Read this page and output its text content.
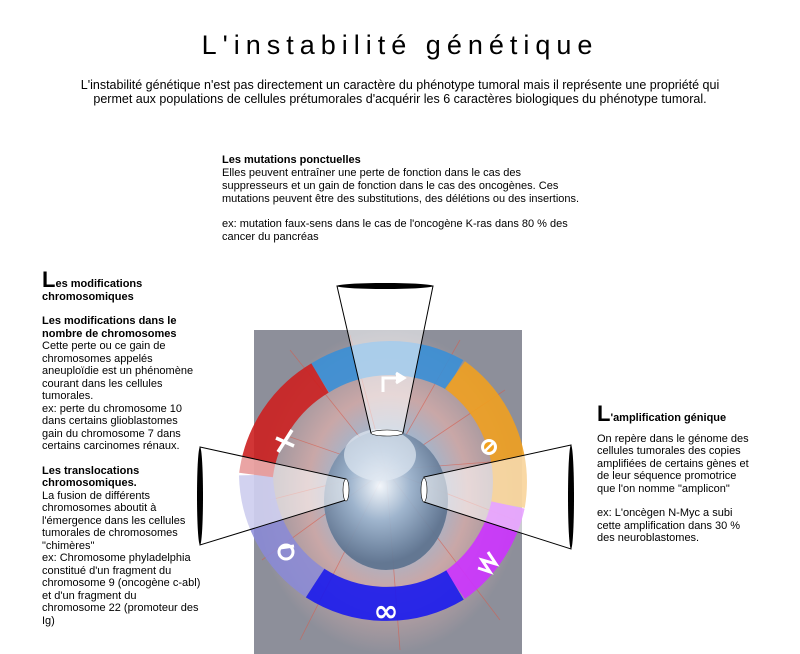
L'instabilité génétique
L'instabilité génétique n'est pas directement un caractère du phénotype tumoral mais il représente une propriété qui permet aux populations de cellules prétumorales d'acquérir les 6 caractères biologiques du phénotype tumoral.
∞
Les mutations ponctuelles
Elles peuvent entraîner une perte de fonction dans le cas des suppresseurs et un gain de fonction dans le cas des oncogènes. Ces mutations peuvent être des substitutions, des délétions ou des insertions.
ex: mutation faux-sens dans le cas de l'oncogène K-ras dans 80 % des cancer du pancréas
Les modifications
chromosomiques
Les modifications dans le nombre de chromosomes
Cette perte ou ce gain de chromosomes appelés aneuploïdie est un phénomène courant dans les cellules tumorales.
ex: perte du chromosome 10 dans certains glioblastomes
gain du chromosome 7 dans certains carcinomes rénaux.
Les translocations chromosomiques.
La fusion de différents chromosomes aboutit à l'émergence dans les cellules tumorales de chromosomes "chimères"
ex: Chromosome phyladelphia constitué d'un fragment du chromosome 9 (oncogène c-abl) et d'un fragment du chromosome 22 (promoteur des Ig)
L'amplification génique
On repère dans le génome des cellules tumorales des copies amplifiées de certains gènes et de leur séquence promotrice que l'on nomme "amplicon"
ex: L'oncègen N-Myc a subi cette amplification dans 30 % des neuroblastomes.
